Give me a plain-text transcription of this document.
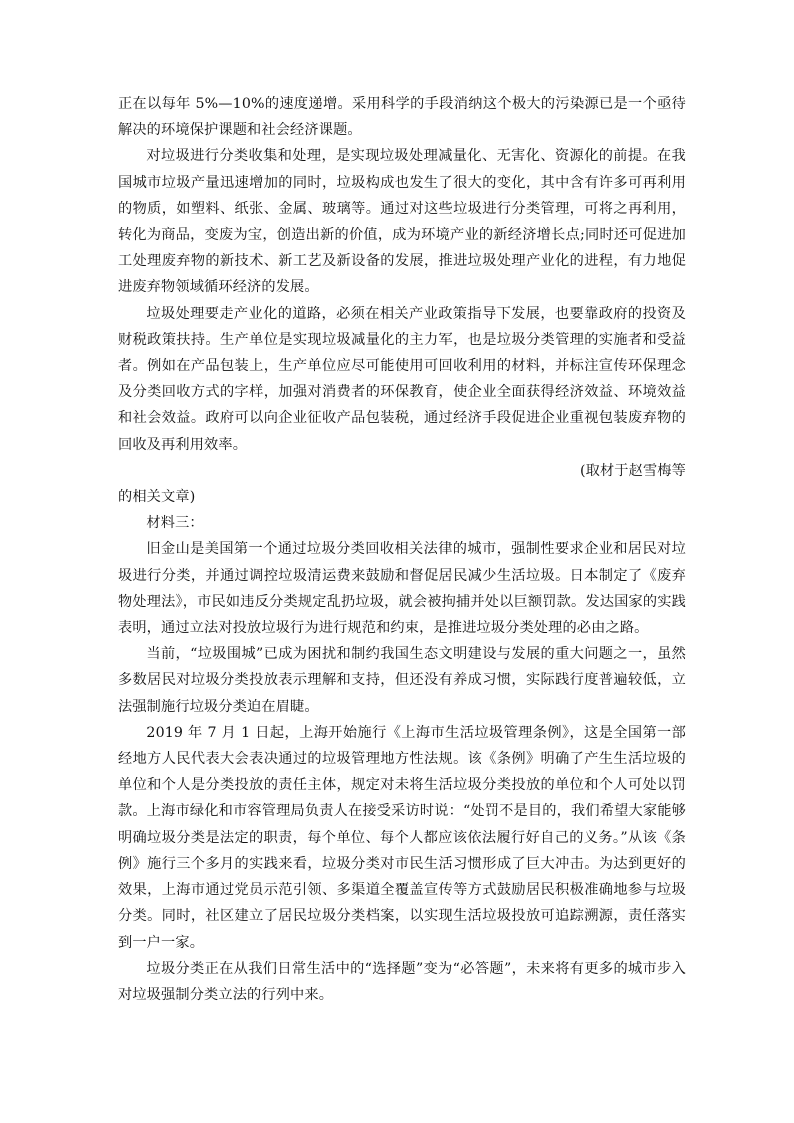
正在以每年 5%—10%的速度递增。采用科学的手段消纳这个极大的污染源已是一个亟待解决的环境保护课题和社会经济课题。

对垃圾进行分类收集和处理，是实现垃圾处理减量化、无害化、资源化的前提。在我国城市垃圾产量迅速增加的同时，垃圾构成也发生了很大的变化，其中含有许多可再利用的物质，如塑料、纸张、金属、玻璃等。通过对这些垃圾进行分类管理，可将之再利用，转化为商品，变废为宝，创造出新的价值，成为环境产业的新经济增长点;同时还可促进加工处理废弃物的新技术、新工艺及新设备的发展，推进垃圾处理产业化的进程，有力地促进废弃物领域循环经济的发展。

垃圾处理要走产业化的道路，必须在相关产业政策指导下发展，也要靠政府的投资及财税政策扶持。生产单位是实现垃圾减量化的主力军，也是垃圾分类管理的实施者和受益者。例如在产品包装上，生产单位应尽可能使用可回收利用的材料，并标注宣传环保理念及分类回收方式的字样，加强对消费者的环保教育，使企业全面获得经济效益、环境效益和社会效益。政府可以向企业征收产品包装税，通过经济手段促进企业重视包装废弃物的回收及再利用效率。

(取材于赵雪梅等

的相关文章)

材料三：

旧金山是美国第一个通过垃圾分类回收相关法律的城市，强制性要求企业和居民对垃圾进行分类，并通过调控垃圾清运费来鼓励和督促居民减少生活垃圾。日本制定了《废弃物处理法》，市民如违反分类规定乱扔垃圾，就会被拘捕并处以巨额罚款。发达国家的实践表明，通过立法对投放垃圾行为进行规范和约束，是推进垃圾分类处理的必由之路。

当前，“垃圾围城”已成为困扰和制约我国生态文明建设与发展的重大问题之一，虽然多数居民对垃圾分类投放表示理解和支持，但还没有养成习惯，实际践行度普遍较低，立法强制施行垃圾分类迫在眉睫。

2019 年 7 月 1 日起，上海开始施行《上海市生活垃圾管理条例》，这是全国第一部经地方人民代表大会表决通过的垃圾管理地方性法规。该《条例》明确了产生生活垃圾的单位和个人是分类投放的责任主体，规定对未将生活垃圾分类投放的单位和个人可处以罚款。上海市绿化和市容管理局负责人在接受采访时说：“处罚不是目的，我们希望大家能够明确垃圾分类是法定的职责，每个单位、每个人都应该依法履行好自己的义务。”从该《条例》施行三个多月的实践来看，垃圾分类对市民生活习惯形成了巨大冲击。为达到更好的效果，上海市通过党员示范引领、多渠道全覆盖宣传等方式鼓励居民积极准确地参与垃圾分类。同时，社区建立了居民垃圾分类档案，以实现生活垃圾投放可追踪溯源，责任落实到一户一家。

垃圾分类正在从我们日常生活中的“选择题”变为“必答题”，未来将有更多的城市步入对垃圾强制分类立法的行列中来。
